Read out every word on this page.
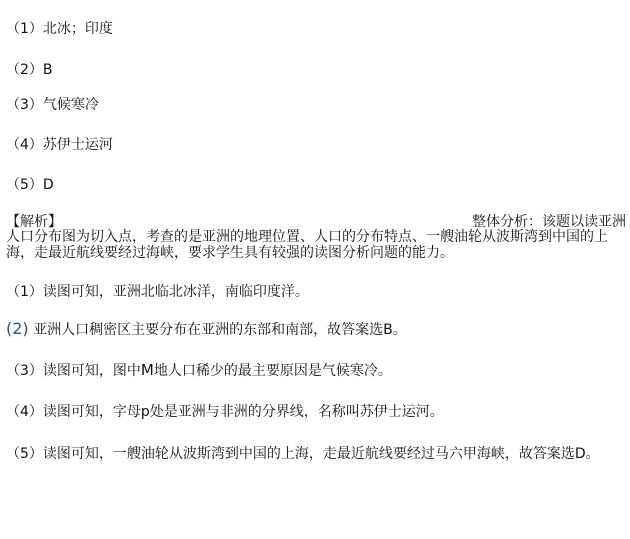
（1）北冰；印度
（2）B
（3）气候寒冷
（4）苏伊士运河
（5）D
【解析】	整体分析：该题以读亚洲
人口分布图为切入点，考查的是亚洲的地理位置、人口的分布特点、一艘油轮从波斯湾到中国的上海，走最近航线要经过海峡，要求学生具有较强的读图分析问题的能力。
（1）读图可知，亚洲北临北冰洋，南临印度洋。
(2) 亚洲人口稠密区主要分布在亚洲的东部和南部，故答案选B。
（3）读图可知，图中M地人口稀少的最主要原因是气候寒冷。
（4）读图可知，字母p处是亚洲与非洲的分界线，名称叫苏伊士运河。
（5）读图可知，一艘油轮从波斯湾到中国的上海，走最近航线要经过马六甲海峡，故答案选D。
